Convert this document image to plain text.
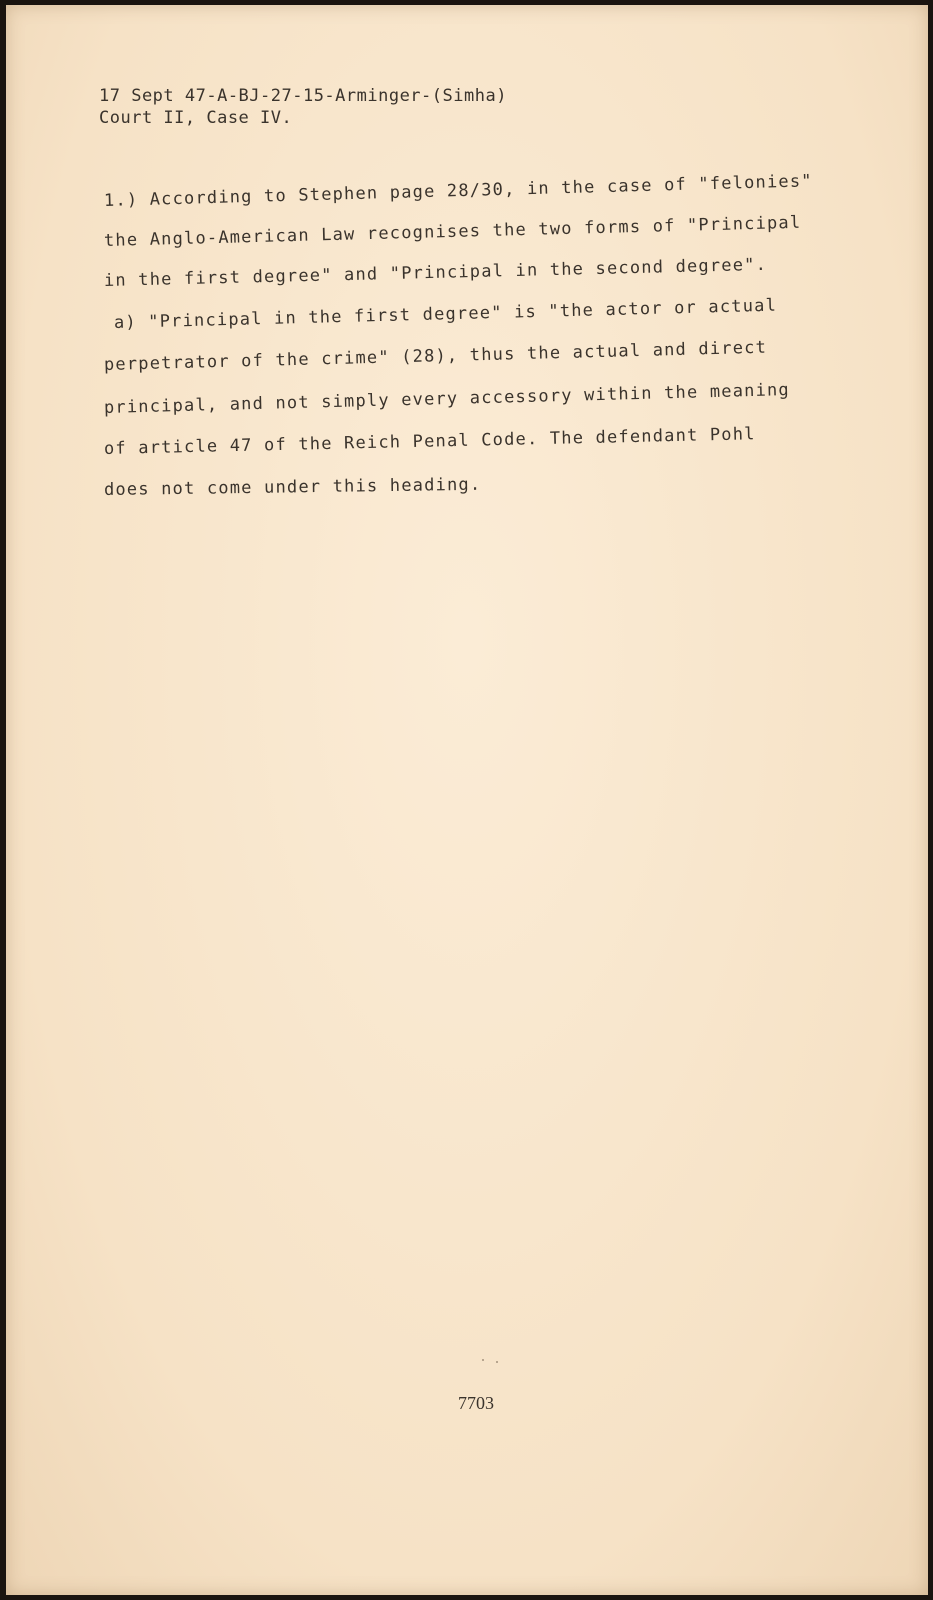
17 Sept 47-A-BJ-27-15-Arminger-(Simha)
Court II, Case IV.
1.) According to Stephen page 28/30, in the case of "felonies"
the Anglo-American Law recognises the two forms of "Principal
in the first degree" and "Principal in the second degree".
a) "Principal in the first degree" is "the actor or actual
perpetrator of the crime" (28), thus the actual and direct
principal, and not simply every accessory within the meaning
of article 47 of the Reich Penal Code. The defendant Pohl
does not come under this heading.
7703
